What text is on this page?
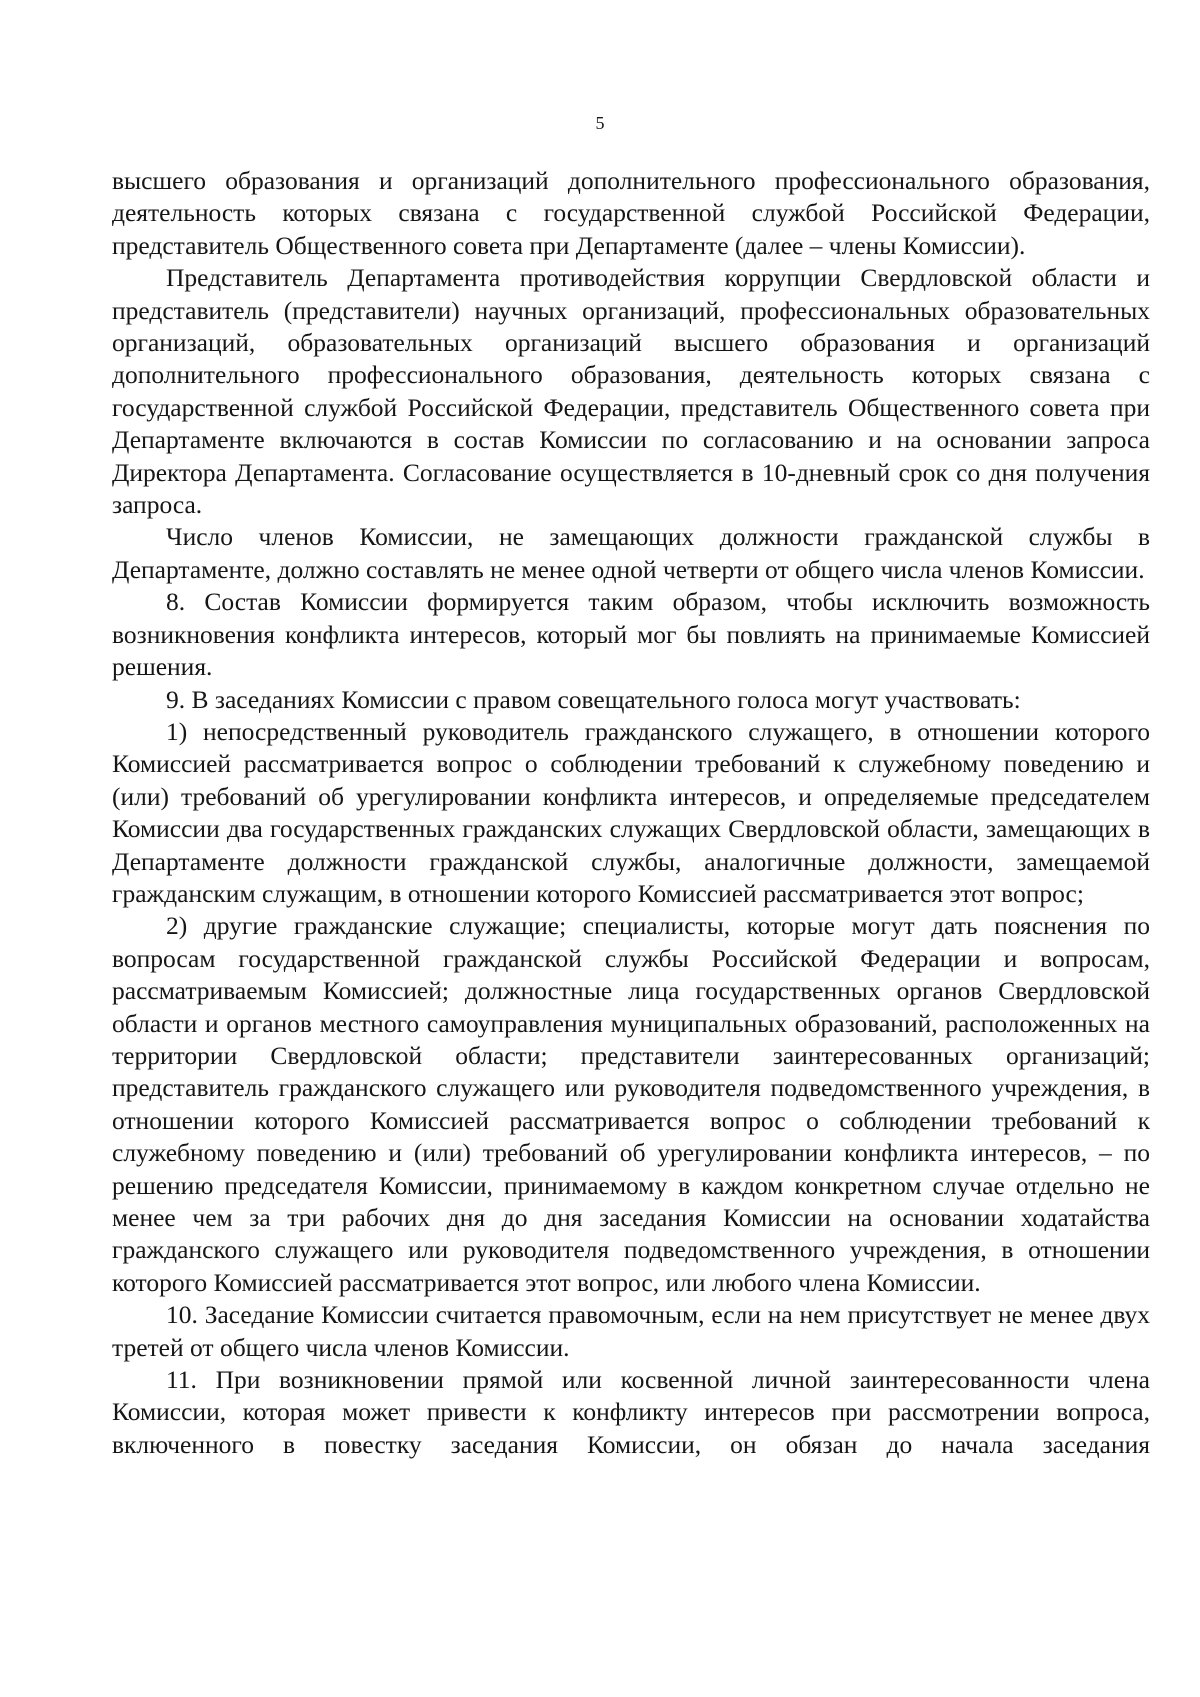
5

высшего образования и организаций дополнительного профессионального образования, деятельность которых связана с государственной службой Российской Федерации, представитель Общественного совета при Департаменте (далее – члены Комиссии).

Представитель Департамента противодействия коррупции Свердловской области и представитель (представители) научных организаций, профессиональных образовательных организаций, образовательных организаций высшего образования и организаций дополнительного профессионального образования, деятельность которых связана с государственной службой Российской Федерации, представитель Общественного совета при Департаменте включаются в состав Комиссии по согласованию и на основании запроса Директора Департамента. Согласование осуществляется в 10-дневный срок со дня получения запроса.

Число членов Комиссии, не замещающих должности гражданской службы в Департаменте, должно составлять не менее одной четверти от общего числа членов Комиссии.

8. Состав Комиссии формируется таким образом, чтобы исключить возможность возникновения конфликта интересов, который мог бы повлиять на принимаемые Комиссией решения.

9. В заседаниях Комиссии с правом совещательного голоса могут участвовать:

1) непосредственный руководитель гражданского служащего, в отношении которого Комиссией рассматривается вопрос о соблюдении требований к служебному поведению и (или) требований об урегулировании конфликта интересов, и определяемые председателем Комиссии два государственных гражданских служащих Свердловской области, замещающих в Департаменте должности гражданской службы, аналогичные должности, замещаемой гражданским служащим, в отношении которого Комиссией рассматривается этот вопрос;

2) другие гражданские служащие; специалисты, которые могут дать пояснения по вопросам государственной гражданской службы Российской Федерации и вопросам, рассматриваемым Комиссией; должностные лица государственных органов Свердловской области и органов местного самоуправления муниципальных образований, расположенных на территории Свердловской области; представители заинтересованных организаций; представитель гражданского служащего или руководителя подведомственного учреждения, в отношении которого Комиссией рассматривается вопрос о соблюдении требований к служебному поведению и (или) требований об урегулировании конфликта интересов, – по решению председателя Комиссии, принимаемому в каждом конкретном случае отдельно не менее чем за три рабочих дня до дня заседания Комиссии на основании ходатайства гражданского служащего или руководителя подведомственного учреждения, в отношении которого Комиссией рассматривается этот вопрос, или любого члена Комиссии.

10. Заседание Комиссии считается правомочным, если на нем присутствует не менее двух третей от общего числа членов Комиссии.

11. При возникновении прямой или косвенной личной заинтересованности члена Комиссии, которая может привести к конфликту интересов при рассмотрении вопроса, включенного в повестку заседания Комиссии, он обязан до начала заседания
